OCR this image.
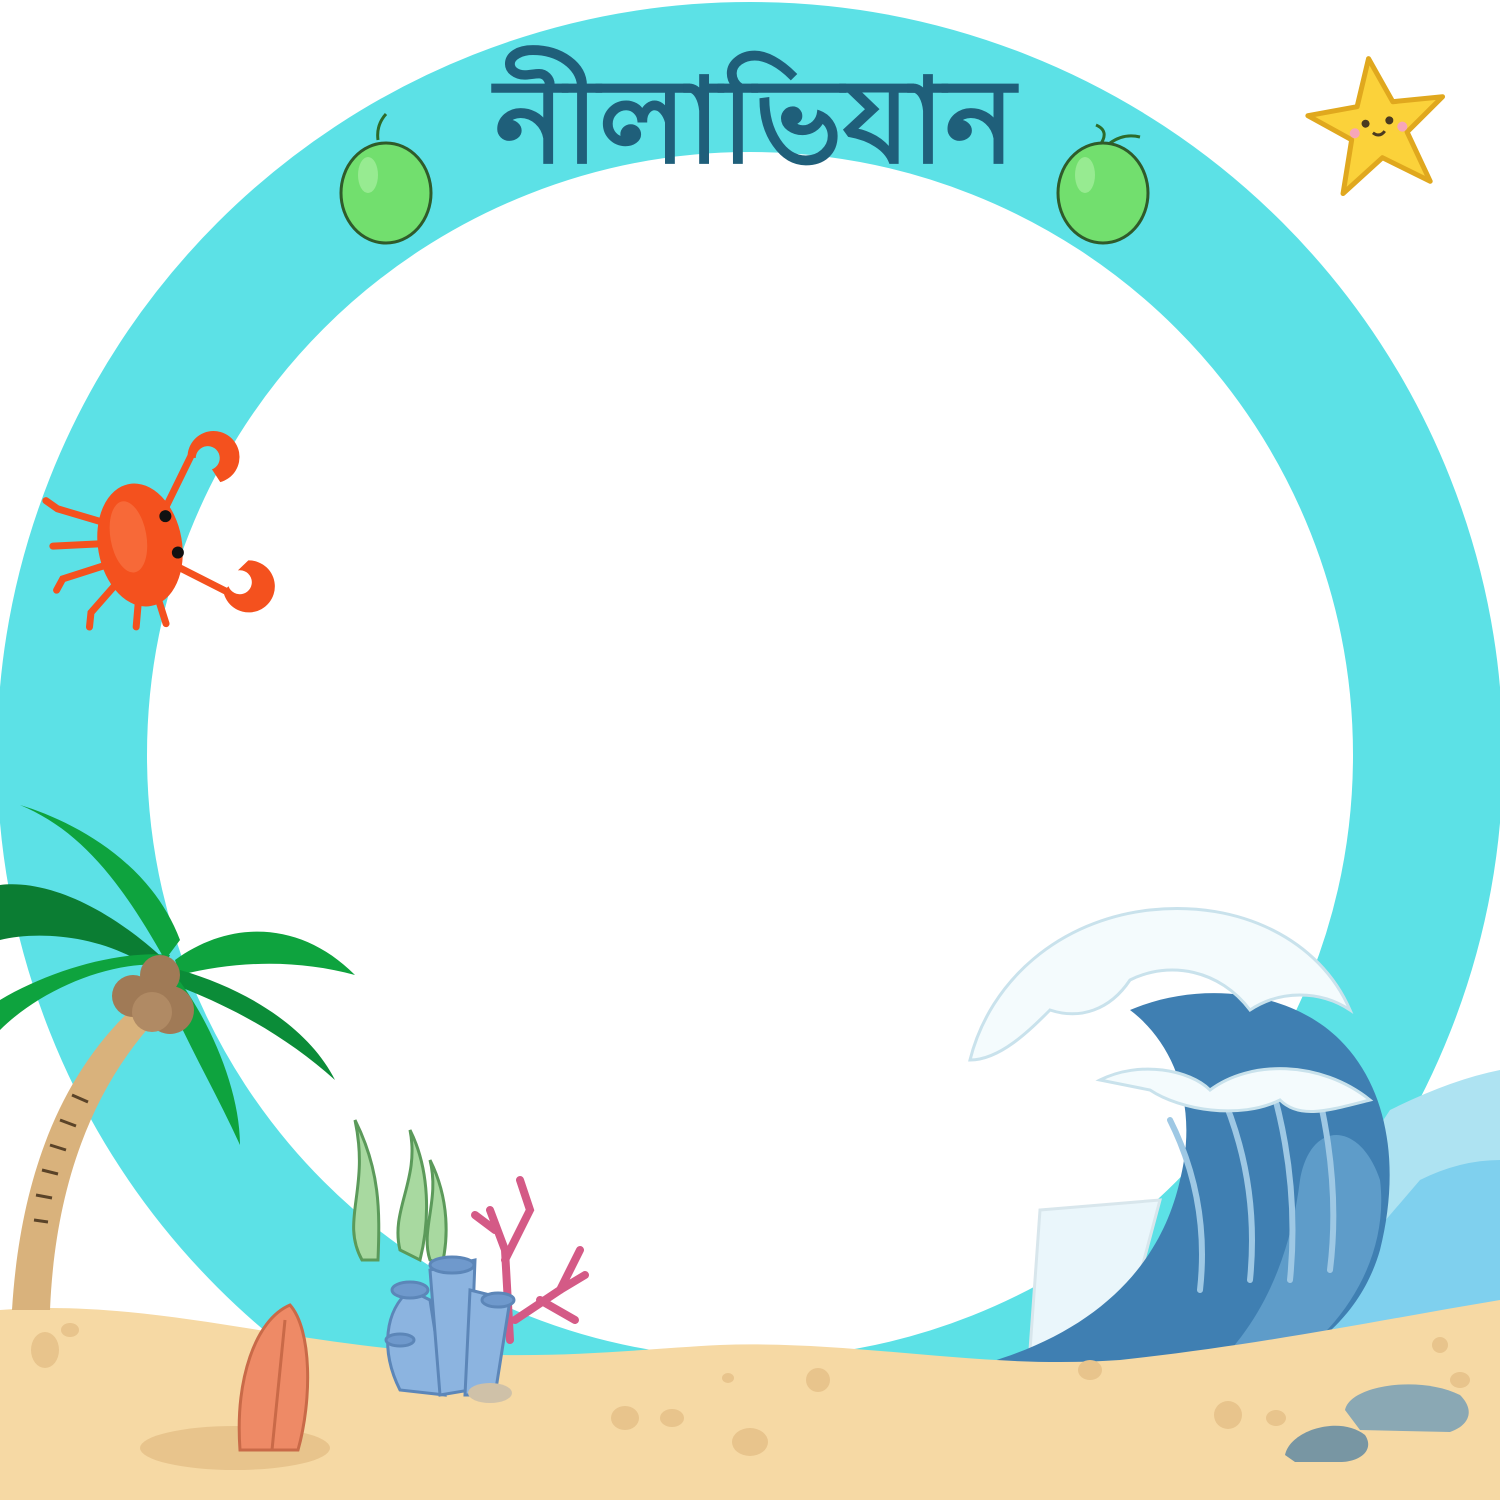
নীলাভিযান
